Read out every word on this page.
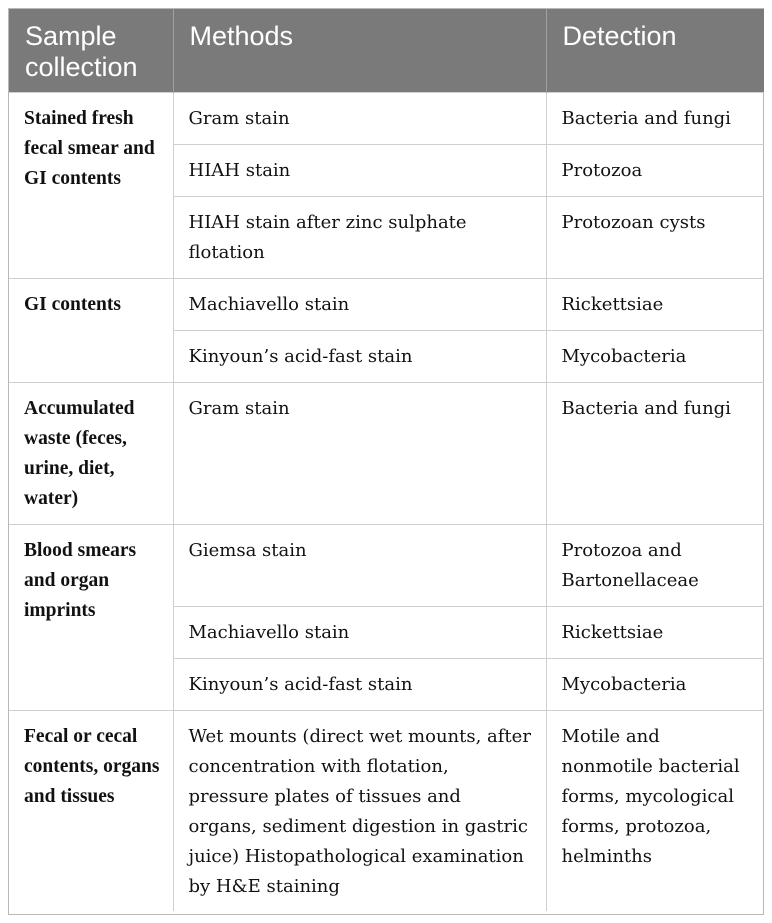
Sample collection	Methods	Detection
Stained fresh fecal smear and GI contents	Gram stain	Bacteria and fungi
	HIAH stain	Protozoa
	HIAH stain after zinc sulphate flotation	Protozoan cysts
GI contents	Machiavello stain	Rickettsiae
	Kinyoun’s acid-fast stain	Mycobacteria
Accumulated waste (feces, urine, diet, water)	Gram stain	Bacteria and fungi
Blood smears and organ imprints	Giemsa stain	Protozoa and Bartonellaceae
	Machiavello stain	Rickettsiae
	Kinyoun’s acid-fast stain	Mycobacteria
Fecal or cecal contents, organs and tissues	Wet mounts (direct wet mounts, after concentration with flotation, pressure plates of tissues and organs, sediment digestion in gastric juice) Histopathological examination by H&E staining	Motile and nonmotile bacterial forms, mycological forms, protozoa, helminths
